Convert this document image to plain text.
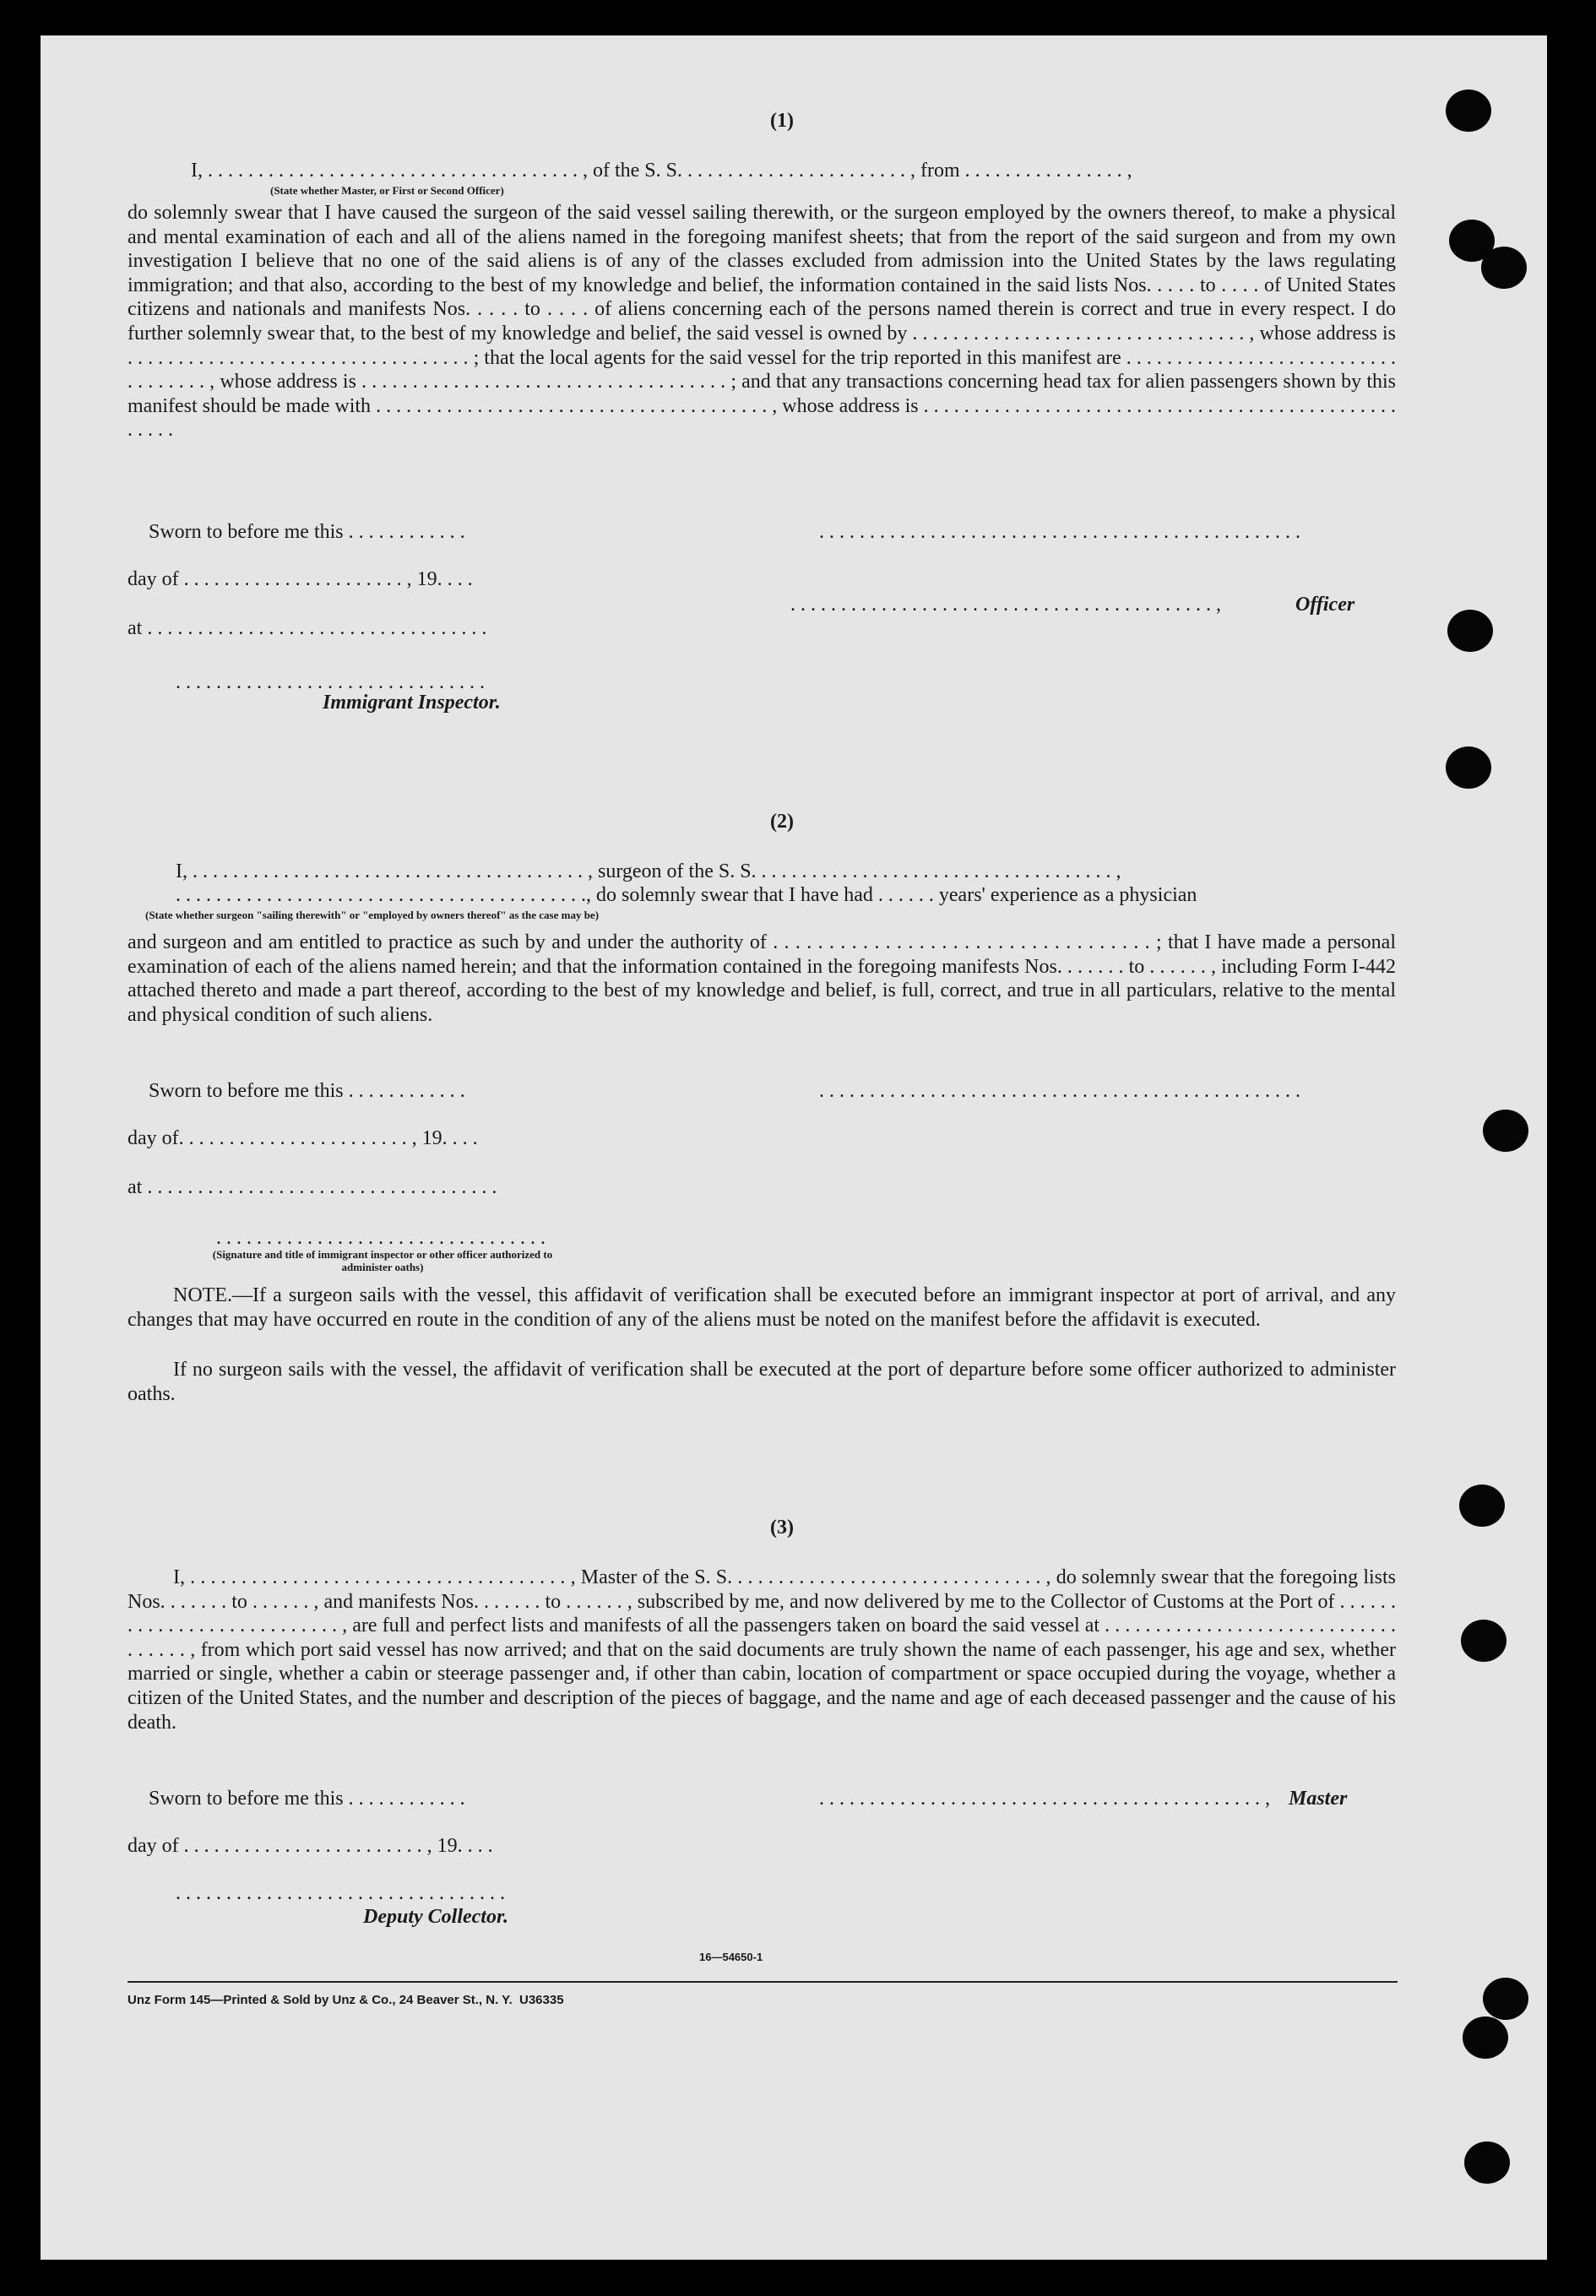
(1)
I, . . . . . . . . . . . . . . . . . . . . . . . . . . . . . . . . . . . . . , of the S. S. . . . . . . . . . . . . . . . . . . . . . . , from . . . . . . . . . . . . . . . . ,
(State whether Master, or First or Second Officer)
do solemnly swear that I have caused the surgeon of the said vessel sailing therewith, or the surgeon employed by the owners thereof, to make a physical and mental examination of each and all of the aliens named in the foregoing manifest sheets; that from the report of the said surgeon and from my own investigation I believe that no one of the said aliens is of any of the classes excluded from admission into the United States by the laws regulating immigration; and that also, according to the best of my knowledge and belief, the information contained in the said lists Nos. . . . . to . . . . of United States citizens and nationals and manifests Nos. . . . . to . . . . of aliens concerning each of the persons named therein is correct and true in every respect. I do further solemnly swear that, to the best of my knowledge and belief, the said vessel is owned by . . . . . . . . . . . . . . . . . . . . . . . . . . . . . . . . . , whose address is . . . . . . . . . . . . . . . . . . . . . . . . . . . . . . . . . . ; that the local agents for the said vessel for the trip reported in this manifest are . . . . . . . . . . . . . . . . . . . . . . . . . . . . . . . . . . . , whose address is . . . . . . . . . . . . . . . . . . . . . . . . . . . . . . . . . . . . ; and that any transactions concerning head tax for alien passengers shown by this manifest should be made with . . . . . . . . . . . . . . . . . . . . . . . . . . . . . . . . . . . . . . . , whose address is . . . . . . . . . . . . . . . . . . . . . . . . . . . . . . . . . . . . . . . . . . . . . . . . . . . .
Sworn to before me this . . . . . . . . . . . .	. . . . . . . . . . . . . . . . . . . . . . . . . . . . . . . . . . . . . . . . . . . . . . . .
day of . . . . . . . . . . . . . . . . . . . . . . , 19. . . .
. . . . . . . . . . . . . . . . . . . . . . . . . . . . . . . . . . . . . . . . . . ,	Officer
at . . . . . . . . . . . . . . . . . . . . . . . . . . . . . . . . . .
. . . . . . . . . . . . . . . . . . . . . . . . . . . . . . .
Immigrant Inspector.
(2)
I, . . . . . . . . . . . . . . . . . . . . . . . . . . . . . . . . . . . . . . . , surgeon of the S. S. . . . . . . . . . . . . . . . . . . . . . . . . . . . . . . . . . . . ,
. . . . . . . . . . . . . . . . . . . . . . . . . . . . . . . . . . . . . . . . . , do solemnly swear that I have had . . . . . . years' experience as a physician
(State whether surgeon "sailing therewith" or "employed by owners thereof" as the case may be)
and surgeon and am entitled to practice as such by and under the authority of . . . . . . . . . . . . . . . . . . . . . . . . . . . . . . . . . . ; that I have made a personal examination of each of the aliens named herein; and that the information contained in the foregoing manifests Nos. . . . . . . to . . . . . . , including Form I-442 attached thereto and made a part thereof, according to the best of my knowledge and belief, is full, correct, and true in all particulars, relative to the mental and physical condition of such aliens.
Sworn to before me this . . . . . . . . . . . .	. . . . . . . . . . . . . . . . . . . . . . . . . . . . . . . . . . . . . . . . . . . . . . . .
day of. . . . . . . . . . . . . . . . . . . . . . . , 19. . . .
at . . . . . . . . . . . . . . . . . . . . . . . . . . . . . . . . . . .
. . . . . . . . . . . . . . . . . . . . . . . . . . . . . . . . .
(Signature and title of immigrant inspector or other officer authorized to administer oaths)
NOTE.—If a surgeon sails with the vessel, this affidavit of verification shall be executed before an immigrant inspector at port of arrival, and any changes that may have occurred en route in the condition of any of the aliens must be noted on the manifest before the affidavit is executed.
If no surgeon sails with the vessel, the affidavit of verification shall be executed at the port of departure before some officer authorized to administer oaths.
(3)
I, . . . . . . . . . . . . . . . . . . . . . . . . . . . . . . . . . . . . . , Master of the S. S. . . . . . . . . . . . . . . . . . . . . . . . . . . . . . . , do solemnly swear that the foregoing lists Nos. . . . . . . to . . . . . . , and manifests Nos. . . . . . . to . . . . . . , subscribed by me, and now delivered by me to the Collector of Customs at the Port of . . . . . . . . . . . . . . . . . . . . . . . . . . . , are full and perfect lists and manifests of all the passengers taken on board the said vessel at . . . . . . . . . . . . . . . . . . . . . . . . . . . . . . . . . . . , from which port said vessel has now arrived; and that on the said documents are truly shown the name of each passenger, his age and sex, whether married or single, whether a cabin or steerage passenger and, if other than cabin, location of compartment or space occupied during the voyage, whether a citizen of the United States, and the number and description of the pieces of baggage, and the name and age of each deceased passenger and the cause of his death.
Sworn to before me this . . . . . . . . . . . .	. . . . . . . . . . . . . . . . . . . . . . . . . . . . . . . . . . . . . . . . . . . . , Master
day of . . . . . . . . . . . . . . . . . . . . . . . . , 19. . . .
. . . . . . . . . . . . . . . . . . . . . . . . . . . . . . . . .
Deputy Collector.
16—54650-1
Unz Form 145—Printed & Sold by Unz & Co., 24 Beaver St., N. Y.  U36335
